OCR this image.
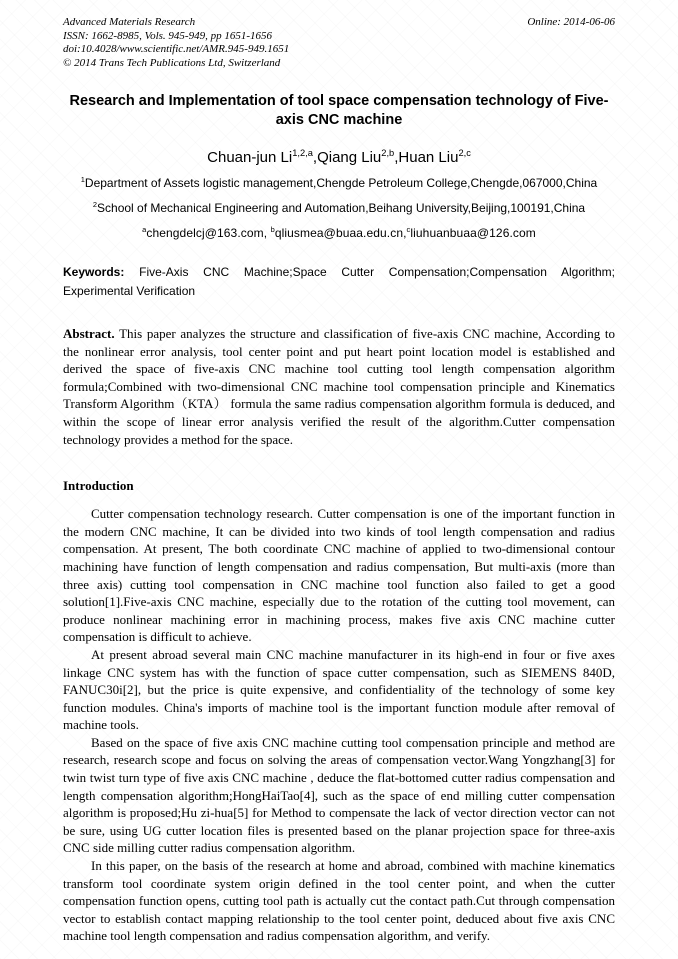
Advanced Materials Research
ISSN: 1662-8985, Vols. 945-949, pp 1651-1656
doi:10.4028/www.scientific.net/AMR.945-949.1651
© 2014 Trans Tech Publications Ltd, Switzerland
Online: 2014-06-06
Research and Implementation of tool space compensation technology of Five-axis CNC machine
Chuan-jun Li$^{1,2,a}$,Qiang Liu$^{2,b}$,Huan Liu$^{2,c}$
$^1$Department of Assets logistic management,Chengde Petroleum College,Chengde,067000,China
$^2$School of Mechanical Engineering and Automation,Beihang University,Beijing,100191,China
$^a$chengdelcj@163.com, $^b$qliusmea@buaa.edu.cn,$^c$liuhuanbuaa@126.com

Keywords: Five-Axis CNC Machine;Space Cutter Compensation;Compensation Algorithm; Experimental Verification

Abstract. This paper analyzes the structure and classification of five-axis CNC machine, According to the nonlinear error analysis, tool center point and put heart point location model is established and derived the space of five-axis CNC machine tool cutting tool length compensation algorithm formula;Combined with two-dimensional CNC machine tool compensation principle and Kinematics Transform Algorithm（KTA） formula the same radius compensation algorithm formula is deduced, and within the scope of linear error analysis verified the result of the algorithm.Cutter compensation technology provides a method for the space.

Introduction

Cutter compensation technology research. Cutter compensation is one of the important function in the modern CNC machine, It can be divided into two kinds of tool length compensation and radius compensation. At present, The both coordinate CNC machine of applied to two-dimensional contour machining have function of length compensation and radius compensation, But multi-axis (more than three axis) cutting tool compensation in CNC machine tool function also failed to get a good solution[1].Five-axis CNC machine, especially due to the rotation of the cutting tool movement, can produce nonlinear machining error in machining process, makes five axis CNC machine cutter compensation is difficult to achieve.

At present abroad several main CNC machine manufacturer in its high-end in four or five axes linkage CNC system has with the function of space cutter compensation, such as SIEMENS 840D, FANUC30i[2], but the price is quite expensive, and confidentiality of the technology of some key function modules. China's imports of machine tool is the important function module after removal of machine tools.

Based on the space of five axis CNC machine cutting tool compensation principle and method are research, research scope and focus on solving the areas of compensation vector.Wang Yongzhang[3] for twin twist turn type of five axis CNC machine , deduce the flat-bottomed cutter radius compensation and length compensation algorithm;HongHaiTao[4], such as the space of end milling cutter compensation algorithm is proposed;Hu zi-hua[5] for Method to compensate the lack of vector direction vector can not be sure, using UG cutter location files is presented based on the planar projection space for three-axis CNC side milling cutter radius compensation algorithm.

In this paper, on the basis of the research at home and abroad, combined with machine kinematics transform tool coordinate system origin defined in the tool center point, and when the cutter compensation function opens, cutting tool path is actually cut the contact path.Cut through compensation vector to establish contact mapping relationship to the tool center point, deduced about five axis CNC machine tool length compensation and radius compensation algorithm, and verify.
